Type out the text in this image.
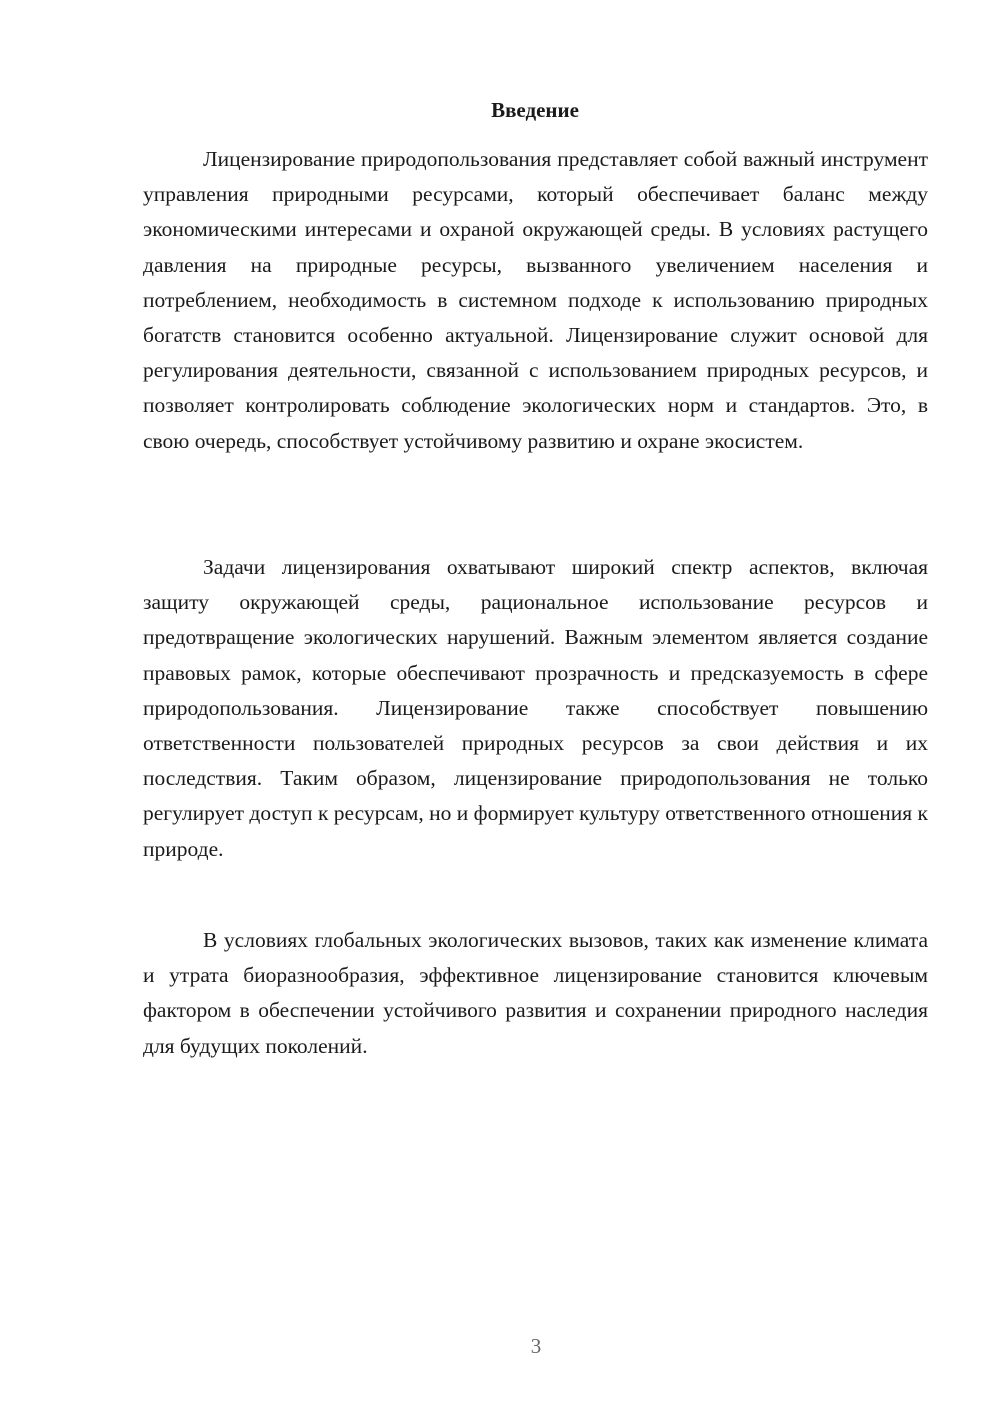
Введение

Лицензирование природопользования представляет собой важный инструмент управления природными ресурсами, который обеспечивает баланс между экономическими интересами и охраной окружающей среды. В условиях растущего давления на природные ресурсы, вызванного увеличением населения и потреблением, необходимость в системном подходе к использованию природных богатств становится особенно актуальной. Лицензирование служит основой для регулирования деятельности, связанной с использованием природных ресурсов, и позволяет контролировать соблюдение экологических норм и стандартов. Это, в свою очередь, способствует устойчивому развитию и охране экосистем.

Задачи лицензирования охватывают широкий спектр аспектов, включая защиту окружающей среды, рациональное использование ресурсов и предотвращение экологических нарушений. Важным элементом является создание правовых рамок, которые обеспечивают прозрачность и предсказуемость в сфере природопользования. Лицензирование также способствует повышению ответственности пользователей природных ресурсов за свои действия и их последствия. Таким образом, лицензирование природопользования не только регулирует доступ к ресурсам, но и формирует культуру ответственного отношения к природе.

В условиях глобальных экологических вызовов, таких как изменение климата и утрата биоразнообразия, эффективное лицензирование становится ключевым фактором в обеспечении устойчивого развития и сохранении природного наследия для будущих поколений.

3
